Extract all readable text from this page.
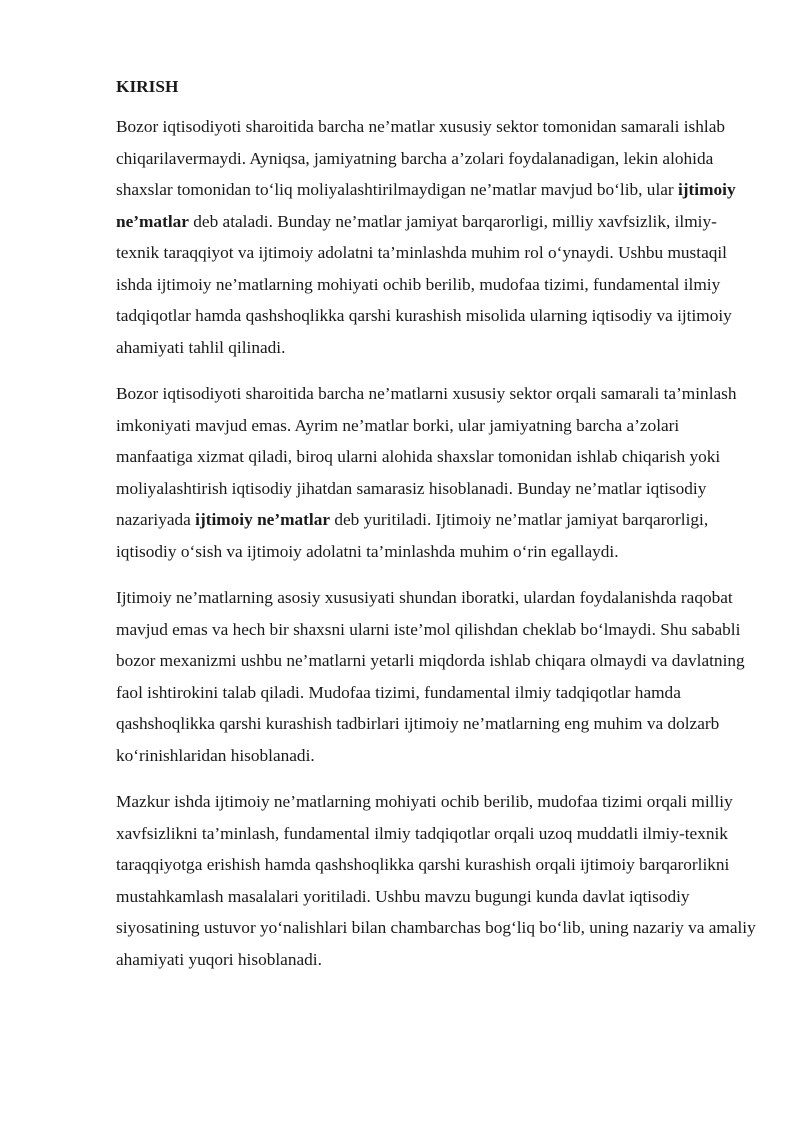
KIRISH

Bozor iqtisodiyoti sharoitida barcha ne’matlar xususiy sektor tomonidan samarali ishlab chiqarilavermaydi. Ayniqsa, jamiyatning barcha a’zolari foydalanadigan, lekin alohida shaxslar tomonidan to‘liq moliyalashtirilmaydigan ne’matlar mavjud bo‘lib, ular ijtimoiy ne’matlar deb ataladi. Bunday ne’matlar jamiyat barqarorligi, milliy xavfsizlik, ilmiy-texnik taraqqiyot va ijtimoiy adolatni ta’minlashda muhim rol o‘ynaydi. Ushbu mustaqil ishda ijtimoiy ne’matlarning mohiyati ochib berilib, mudofaa tizimi, fundamental ilmiy tadqiqotlar hamda qashshoqlikka qarshi kurashish misolida ularning iqtisodiy va ijtimoiy ahamiyati tahlil qilinadi.

Bozor iqtisodiyoti sharoitida barcha ne’matlarni xususiy sektor orqali samarali ta’minlash imkoniyati mavjud emas. Ayrim ne’matlar borki, ular jamiyatning barcha a’zolari manfaatiga xizmat qiladi, biroq ularni alohida shaxslar tomonidan ishlab chiqarish yoki moliyalashtirish iqtisodiy jihatdan samarasiz hisoblanadi. Bunday ne’matlar iqtisodiy nazariyada ijtimoiy ne’matlar deb yuritiladi. Ijtimoiy ne’matlar jamiyat barqarorligi, iqtisodiy o‘sish va ijtimoiy adolatni ta’minlashda muhim o‘rin egallaydi.

Ijtimoiy ne’matlarning asosiy xususiyati shundan iboratki, ulardan foydalanishda raqobat mavjud emas va hech bir shaxsni ularni iste’mol qilishdan cheklab bo‘lmaydi. Shu sababli bozor mexanizmi ushbu ne’matlarni yetarli miqdorda ishlab chiqara olmaydi va davlatning faol ishtirokini talab qiladi. Mudofaa tizimi, fundamental ilmiy tadqiqotlar hamda qashshoqlikka qarshi kurashish tadbirlari ijtimoiy ne’matlarning eng muhim va dolzarb ko‘rinishlaridan hisoblanadi.

Mazkur ishda ijtimoiy ne’matlarning mohiyati ochib berilib, mudofaa tizimi orqali milliy xavfsizlikni ta’minlash, fundamental ilmiy tadqiqotlar orqali uzoq muddatli ilmiy-texnik taraqqiyotga erishish hamda qashshoqlikka qarshi kurashish orqali ijtimoiy barqarorlikni mustahkamlash masalalari yoritiladi. Ushbu mavzu bugungi kunda davlat iqtisodiy siyosatining ustuvor yo‘nalishlari bilan chambarchas bog‘liq bo‘lib, uning nazariy va amaliy ahamiyati yuqori hisoblanadi.
